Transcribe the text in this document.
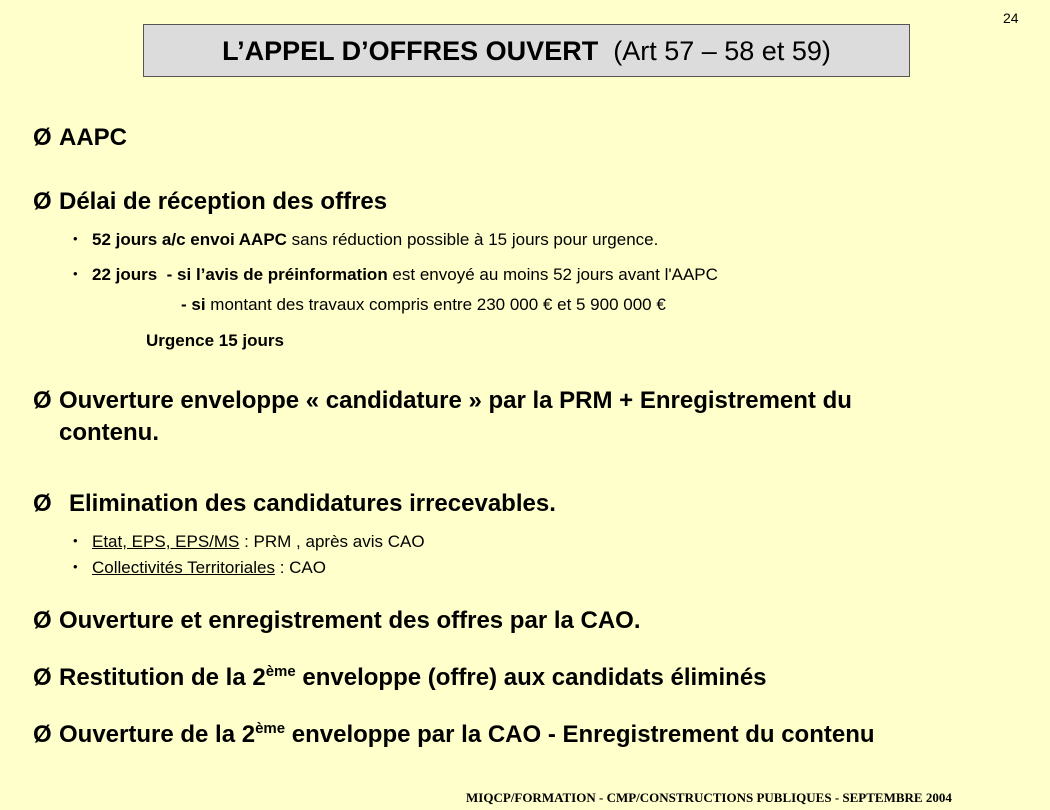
24
L’APPEL D’OFFRES OUVERT (Art 57 – 58 et 59)
Ø AAPC
Ø Délai de réception des offres
• 52 jours a/c envoi AAPC sans réduction possible à 15 jours pour urgence.
• 22 jours  - si l’avis de préinformation est envoyé au moins 52 jours avant l'AAPC
- si montant des travaux compris entre 230 000 € et 5 900 000 €
Urgence 15 jours
Ø Ouverture enveloppe « candidature » par la PRM + Enregistrement du
contenu.
Ø Elimination des candidatures irrecevables.
• Etat, EPS, EPS/MS : PRM , après avis CAO
• Collectivités Territoriales : CAO
Ø Ouverture et enregistrement des offres par la CAO.
Ø Restitution de la 2ème enveloppe (offre) aux candidats éliminés
Ø Ouverture de la 2ème enveloppe par la CAO - Enregistrement du contenu
MIQCP/FORMATION - CMP/CONSTRUCTIONS PUBLIQUES - SEPTEMBRE 2004
